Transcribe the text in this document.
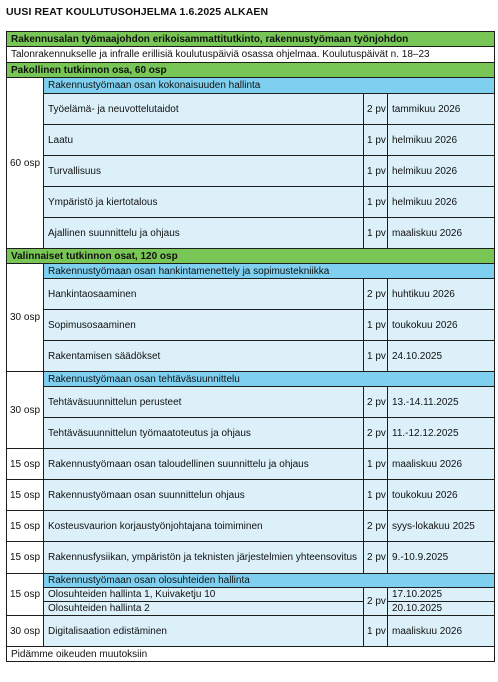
UUSI REAT KOULUTUSOHJELMA 1.6.2025 ALKAEN
Rakennusalan työmaajohdon erikoisammattitutkinto, rakennustyömaan työnjohdon			
Talonrakennukselle ja infralle erillisiä koulutuspäiviä osassa ohjelmaa. Koulutuspäivät n. 18–23			
Pakollinen tutkinnon osa, 60 osp			
60 osp	Rakennustyömaan osan kokonaisuuden hallinta		
	Työelämä- ja neuvottelutaidot	2 pv	tammikuu 2026
	Laatu	1 pv	helmikuu 2026
	Turvallisuus	1 pv	helmikuu 2026
	Ympäristö ja kiertotalous	1 pv	helmikuu 2026
	Ajallinen suunnittelu ja ohjaus	1 pv	maaliskuu 2026
Valinnaiset tutkinnon osat, 120 osp			
30 osp	Rakennustyömaan osan hankintamenettely ja sopimustekniikka		
	Hankintaosaaminen	2 pv	huhtikuu 2026
	Sopimusosaaminen	1 pv	toukokuu 2026
	Rakentamisen säädökset	1 pv	24.10.2025
30 osp	Rakennustyömaan osan tehtäväsuunnittelu		
	Tehtäväsuunnittelun perusteet	2 pv	13.-14.11.2025
	Tehtäväsuunnittelun työmaatoteutus ja ohjaus	2 pv	11.-12.12.2025
15 osp	Rakennustyömaan osan taloudellinen suunnittelu ja ohjaus	1 pv	maaliskuu 2026
15 osp	Rakennustyömaan osan suunnittelun ohjaus	1 pv	toukokuu 2026
15 osp	Kosteusvaurion korjaustyönjohtajana toimiminen	2 pv	syys-lokakuu 2025
15 osp	Rakennusfysiikan, ympäristön ja teknisten järjestelmien yhteensovitus	2 pv	9.-10.9.2025
15 osp	Rakennustyömaan osan olosuhteiden hallinta		
	Olosuhteiden hallinta 1, Kuivaketju 10	2 pv	17.10.2025
	Olosuhteiden hallinta 2		20.10.2025
30 osp	Digitalisaation edistäminen	1 pv	maaliskuu 2026
Pidämme oikeuden muutoksiin			
